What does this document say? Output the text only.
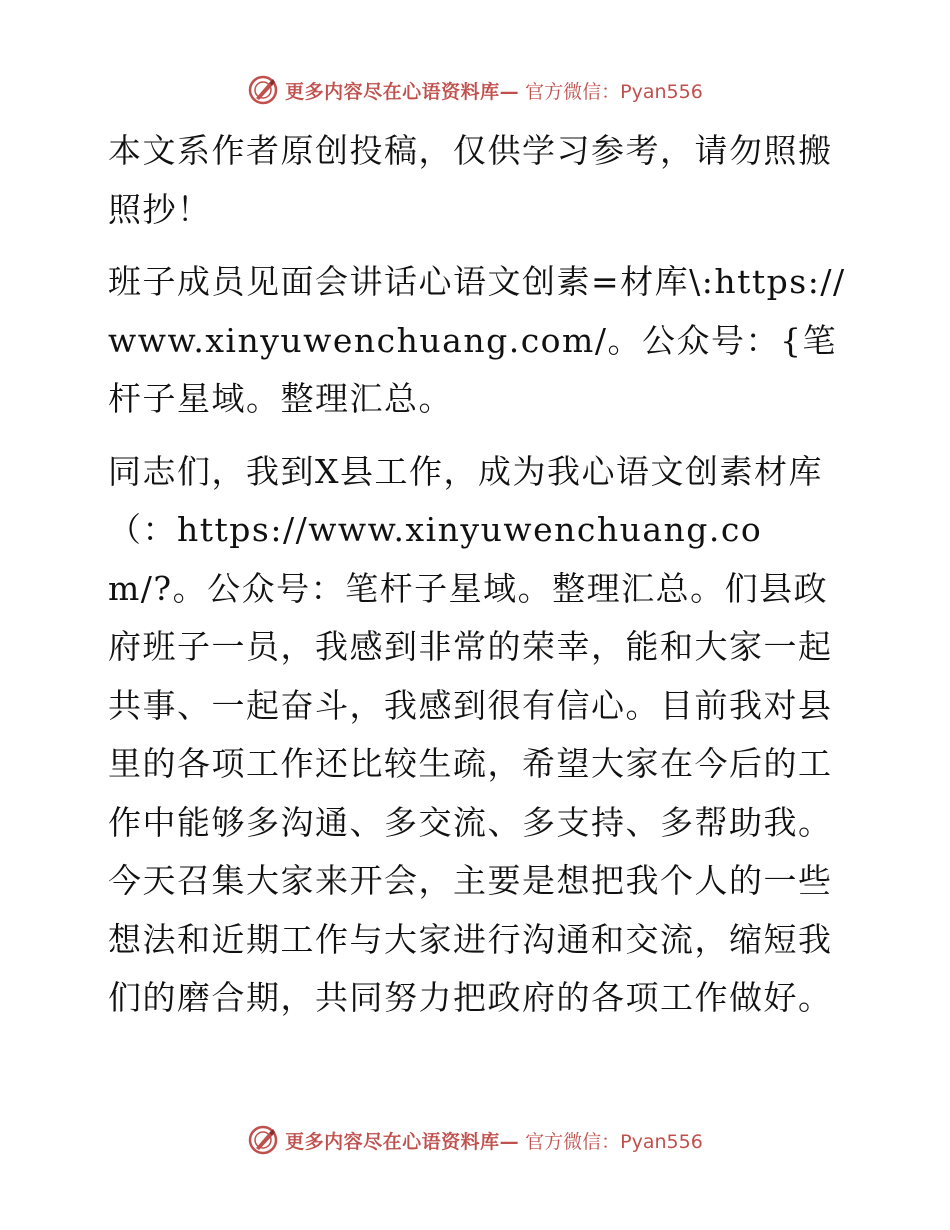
更多内容尽在心语资料库— 官方微信：Pyan556

本文系作者原创投稿，仅供学习参考，请勿照搬照抄！

班子成员见面会讲话心语文创素=材库\:https://www.xinyuwenchuang.com/。公众号：{笔杆子星域。整理汇总。

同志们，我到X县工作，成为我心语文创素材库（：https://www.xinyuwenchuang.com/?。公众号：笔杆子星域。整理汇总。们县政府班子一员，我感到非常的荣幸，能和大家一起共事、一起奋斗，我感到很有信心。目前我对县里的各项工作还比较生疏，希望大家在今后的工作中能够多沟通、多交流、多支持、多帮助我。今天召集大家来开会，主要是想把我个人的一些想法和近期工作与大家进行沟通和交流，缩短我们的磨合期，共同努力把政府的各项工作做好。

更多内容尽在心语资料库— 官方微信：Pyan556
